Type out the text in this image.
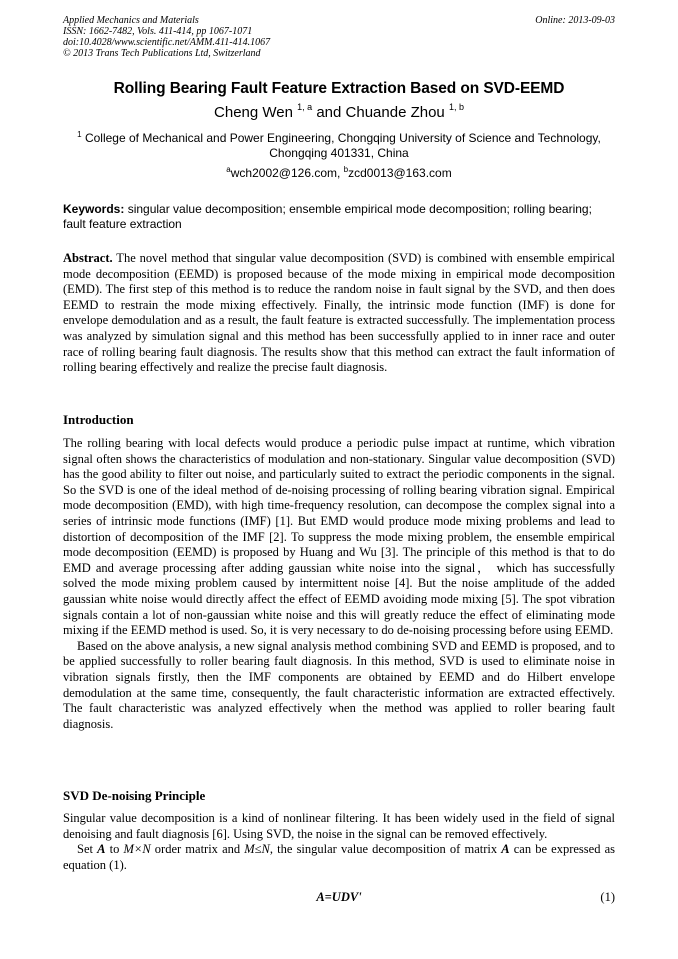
Applied Mechanics and Materials
ISSN: 1662-7482, Vols. 411-414, pp 1067-1071
doi:10.4028/www.scientific.net/AMM.411-414.1067
© 2013 Trans Tech Publications Ltd, Switzerland
Online: 2013-09-03
Rolling Bearing Fault Feature Extraction Based on SVD-EEMD
Cheng Wen $^{1, a}$ and Chuande Zhou $^{1, b}$
$^1$ College of Mechanical and Power Engineering, Chongqing University of Science and Technology, Chongqing 401331, China
$^a$wch2002@126.com, $^b$zcd0013@163.com
Keywords: singular value decomposition; ensemble empirical mode decomposition; rolling bearing; fault feature extraction

Abstract. The novel method that singular value decomposition (SVD) is combined with ensemble empirical mode decomposition (EEMD) is proposed because of the mode mixing in empirical mode decomposition (EMD). The first step of this method is to reduce the random noise in fault signal by the SVD, and then does EEMD to restrain the mode mixing effectively. Finally, the intrinsic mode function (IMF) is done for envelope demodulation and as a result, the fault feature is extracted successfully. The implementation process was analyzed by simulation signal and this method has been successfully applied to in inner race and outer race of rolling bearing fault diagnosis. The results show that this method can extract the fault information of rolling bearing effectively and realize the precise fault diagnosis.

Introduction

The rolling bearing with local defects would produce a periodic pulse impact at runtime, which vibration signal often shows the characteristics of modulation and non-stationary. Singular value decomposition (SVD) has the good ability to filter out noise, and particularly suited to extract the periodic components in the signal. So the SVD is one of the ideal method of de-noising processing of rolling bearing vibration signal. Empirical mode decomposition (EMD), with high time-frequency resolution, can decompose the complex signal into a series of intrinsic mode functions (IMF) [1]. But EMD would produce mode mixing problems and lead to distortion of decomposition of the IMF [2]. To suppress the mode mixing problem, the ensemble empirical mode decomposition (EEMD) is proposed by Huang and Wu [3]. The principle of this method is that to do EMD and average processing after adding gaussian white noise into the signal， which has successfully solved the mode mixing problem caused by intermittent noise [4]. But the noise amplitude of the added gaussian white noise would directly affect the effect of EEMD avoiding mode mixing [5]. The spot vibration signals contain a lot of non-gaussian white noise and this will greatly reduce the effect of eliminating mode mixing if the EEMD method is used. So, it is very necessary to do de-noising processing before using EEMD.

Based on the above analysis, a new signal analysis method combining SVD and EEMD is proposed, and to be applied successfully to roller bearing fault diagnosis. In this method, SVD is used to eliminate noise in vibration signals firstly, then the IMF components are obtained by EEMD and do Hilbert envelope demodulation at the same time, consequently, the fault characteristic information are extracted effectively. The fault characteristic was analyzed effectively when the method was applied to roller bearing fault diagnosis.

SVD De-noising Principle

Singular value decomposition is a kind of nonlinear filtering. It has been widely used in the field of signal denoising and fault diagnosis [6]. Using SVD, the noise in the signal can be removed effectively.

Set A to M×N order matrix and M≤N, the singular value decomposition of matrix A can be expressed as equation (1).

A=UDV'	(1)
